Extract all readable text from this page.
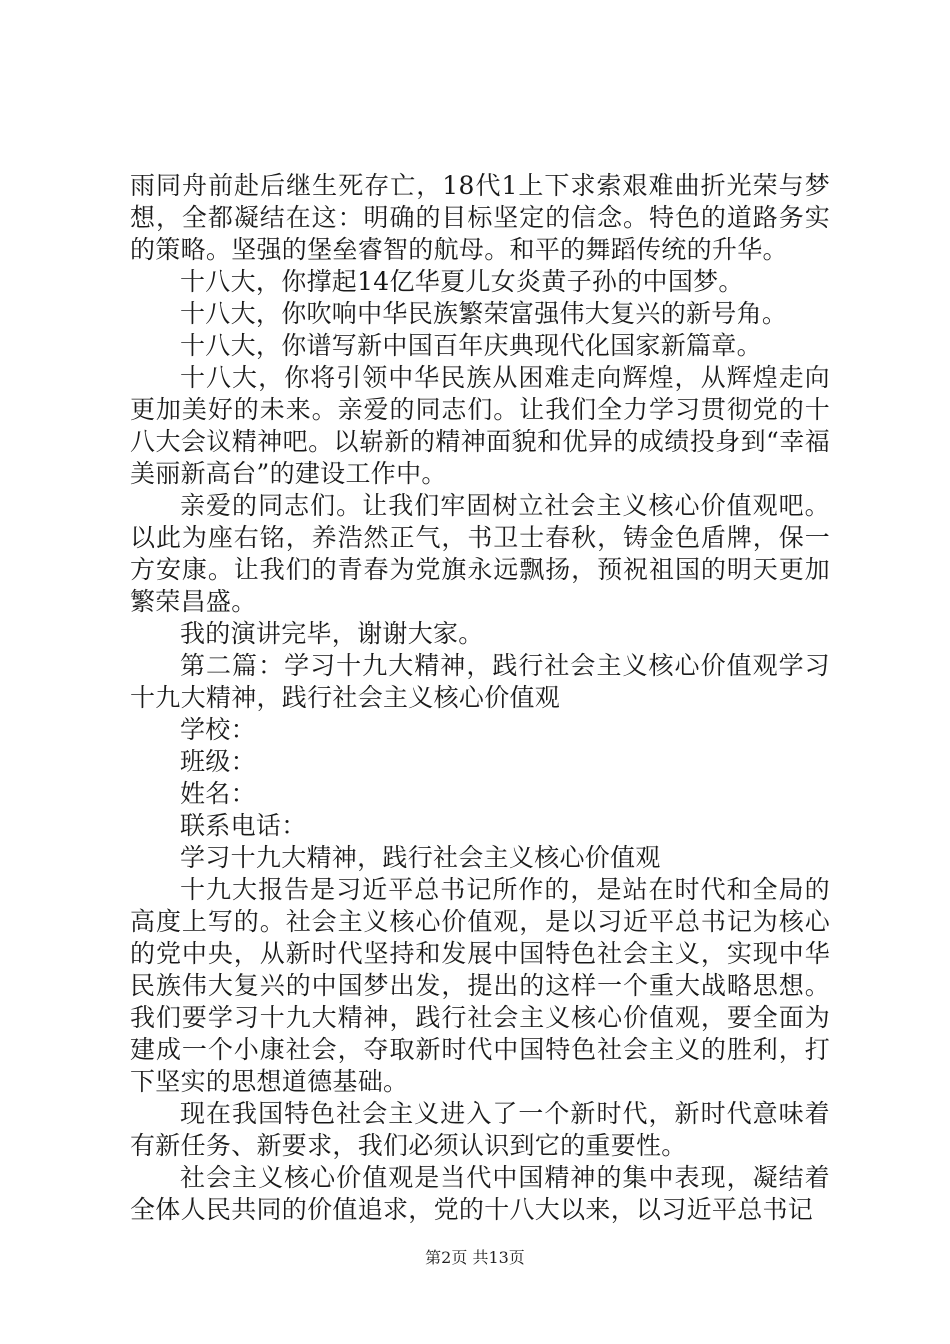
雨同舟前赴后继生死存亡，18代1上下求索艰难曲折光荣与梦想，全都凝结在这：明确的目标坚定的信念。特色的道路务实的策略。坚强的堡垒睿智的航母。和平的舞蹈传统的升华。

十八大，你撑起14亿华夏儿女炎黄子孙的中国梦。

十八大，你吹响中华民族繁荣富强伟大复兴的新号角。

十八大，你谱写新中国百年庆典现代化国家新篇章。

十八大，你将引领中华民族从困难走向辉煌，从辉煌走向更加美好的未来。亲爱的同志们。让我们全力学习贯彻党的十八大会议精神吧。以崭新的精神面貌和优异的成绩投身到“幸福美丽新高台”的建设工作中。

亲爱的同志们。让我们牢固树立社会主义核心价值观吧。以此为座右铭，养浩然正气，书卫士春秋，铸金色盾牌，保一方安康。让我们的青春为党旗永远飘扬，预祝祖国的明天更加繁荣昌盛。

我的演讲完毕，谢谢大家。

第二篇：学习十九大精神，践行社会主义核心价值观学习十九大精神，践行社会主义核心价值观

学校：

班级：

姓名：

联系电话：

学习十九大精神，践行社会主义核心价值观

十九大报告是习近平总书记所作的，是站在时代和全局的高度上写的。社会主义核心价值观，是以习近平总书记为核心的党中央，从新时代坚持和发展中国特色社会主义，实现中华民族伟大复兴的中国梦出发，提出的这样一个重大战略思想。我们要学习十九大精神，践行社会主义核心价值观，要全面为建成一个小康社会，夺取新时代中国特色社会主义的胜利，打下坚实的思想道德基础。

现在我国特色社会主义进入了一个新时代，新时代意味着有新任务、新要求，我们必须认识到它的重要性。

社会主义核心价值观是当代中国精神的集中表现，凝结着全体人民共同的价值追求，党的十八大以来，以习近平总书记

第2页 共13页
